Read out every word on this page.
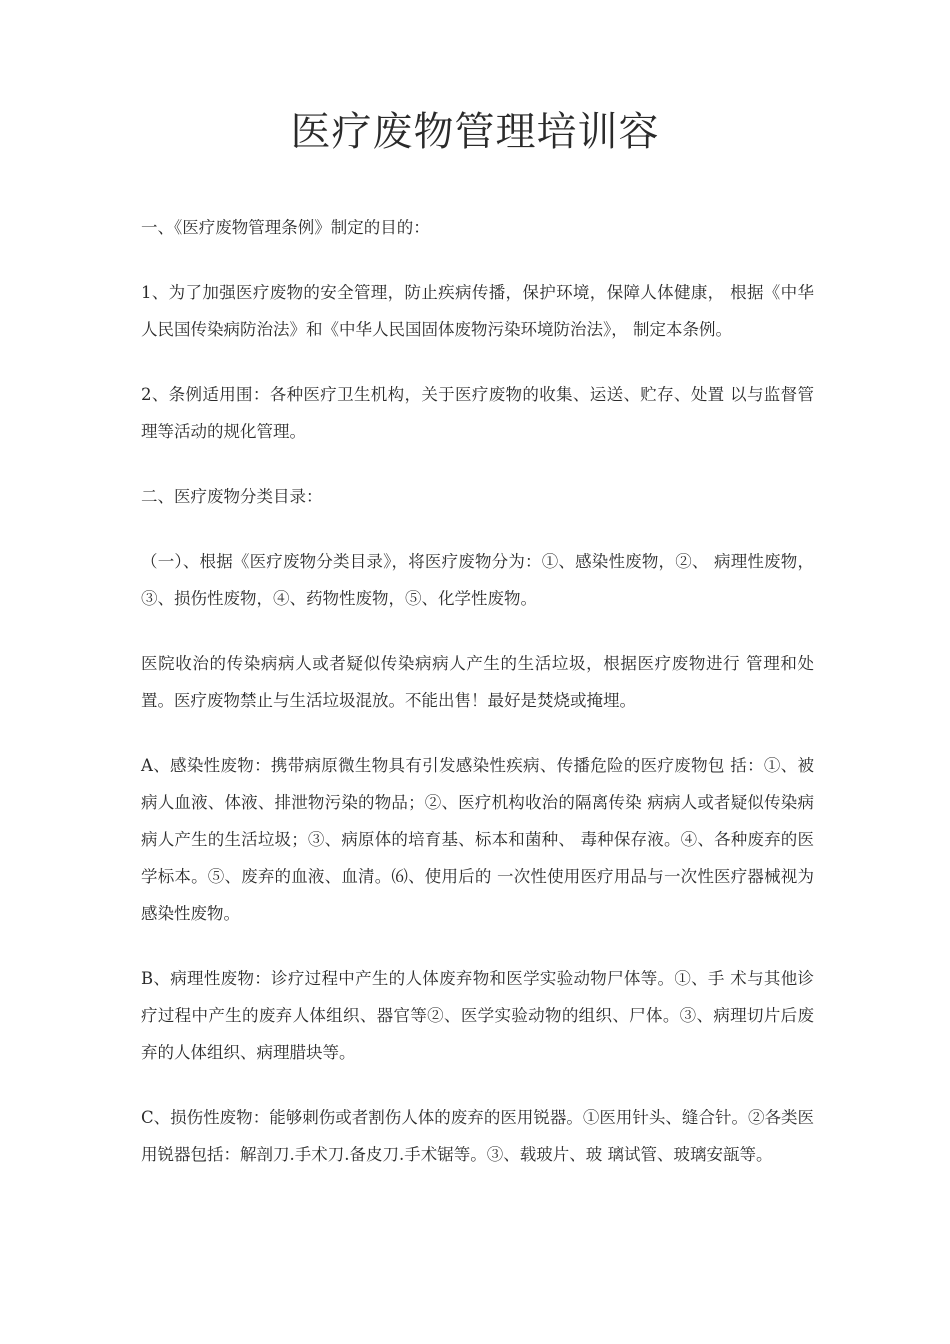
医疗废物管理培训容

一、《医疗废物管理条例》制定的目的：

1、为了加强医疗废物的安全管理，防止疾病传播，保护环境，保障人体健康， 根据《中华人民国传染病防治法》和《中华人民国固体废物污染环境防治法》， 制定本条例。

2、条例适用围：各种医疗卫生机构，关于医疗废物的收集、运送、贮存、处置 以与监督管理等活动的规化管理。

二、医疗废物分类目录：

（一）、根据《医疗废物分类目录》，将医疗废物分为：①、感染性废物，②、 病理性废物，③、损伤性废物，④、药物性废物，⑤、化学性废物。

医院收治的传染病病人或者疑似传染病病人产生的生活垃圾，根据医疗废物进行 管理和处置。医疗废物禁止与生活垃圾混放。不能出售！最好是焚烧或掩埋。

A、感染性废物：携带病原微生物具有引发感染性疾病、传播危险的医疗废物包 括：①、被病人血液、体液、排泄物污染的物品；②、医疗机构收治的隔离传染 病病人或者疑似传染病病人产生的生活垃圾；③、病原体的培育基、标本和菌种、 毒种保存液。④、各种废弃的医学标本。⑤、废弃的血液、血清。⑹、使用后的 一次性使用医疗用品与一次性医疗器械视为感染性废物。

B、病理性废物：诊疗过程中产生的人体废弃物和医学实验动物尸体等。①、手 术与其他诊疗过程中产生的废弃人体组织、器官等②、医学实验动物的组织、尸体。③、病理切片后废弃的人体组织、病理腊块等。

C、损伤性废物：能够刺伤或者割伤人体的废弃的医用锐器。①医用针头、缝合针。②各类医用锐器包括：解剖刀.手术刀.备皮刀.手术锯等。③、载玻片、玻 璃试管、玻璃安瓿等。
